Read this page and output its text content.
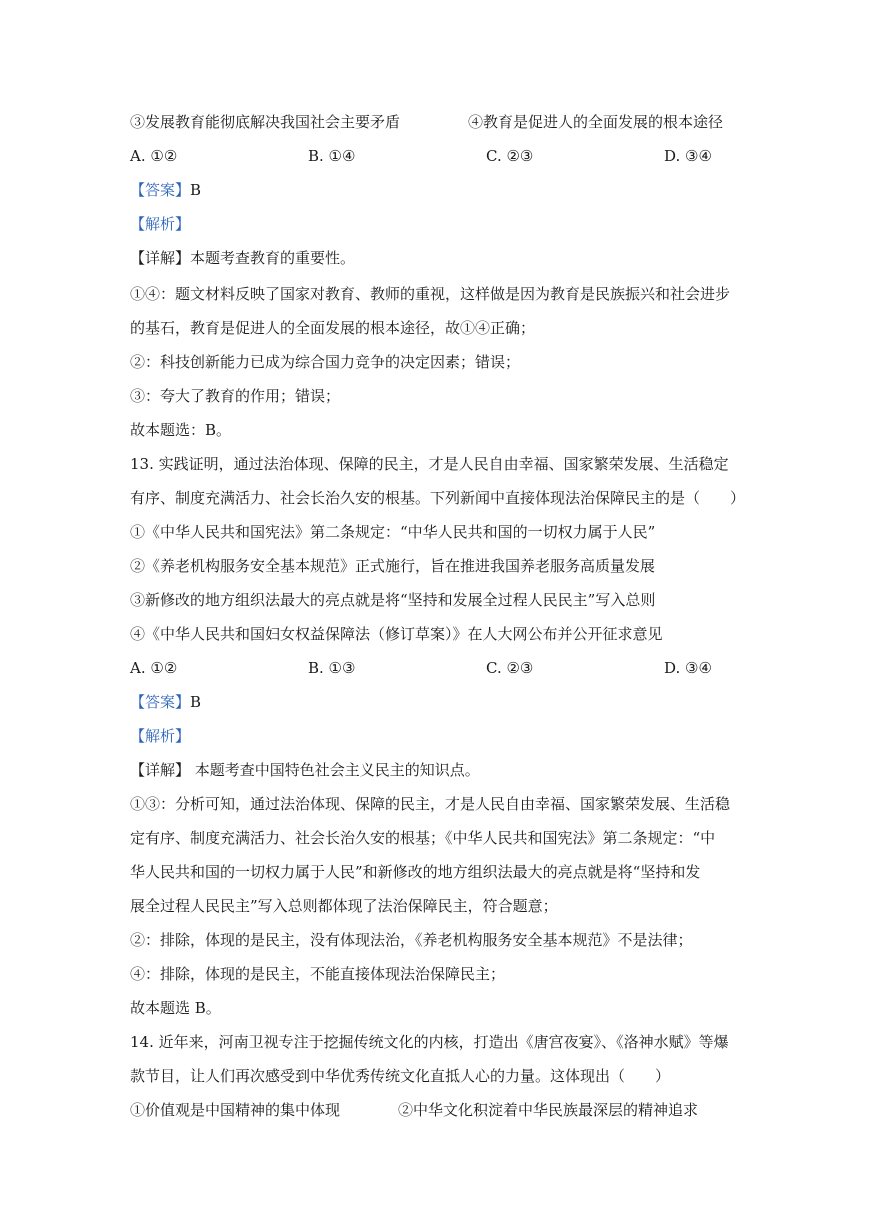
③发展教育能彻底解决我国社会主要矛盾	④教育是促进人的全面发展的根本途径
A. ①②	B. ①④	C. ②③	D. ③④
【答案】B
【解析】
【详解】本题考查教育的重要性。
①④：题文材料反映了国家对教育、教师的重视，这样做是因为教育是民族振兴和社会进步
的基石，教育是促进人的全面发展的根本途径，故①④正确；
②：科技创新能力已成为综合国力竞争的决定因素；错误；
③：夸大了教育的作用；错误；
故本题选：B。
13. 实践证明，通过法治体现、保障的民主，才是人民自由幸福、国家繁荣发展、生活稳定
有序、制度充满活力、社会长治久安的根基。下列新闻中直接体现法治保障民主的是（　　）
①《中华人民共和国宪法》第二条规定：“中华人民共和国的一切权力属于人民”
②《养老机构服务安全基本规范》正式施行，旨在推进我国养老服务高质量发展
③新修改的地方组织法最大的亮点就是将“坚持和发展全过程人民民主”写入总则
④《中华人民共和国妇女权益保障法（修订草案）》在人大网公布并公开征求意见
A. ①②	B. ①③	C. ②③	D. ③④
【答案】B
【解析】
【详解】 本题考查中国特色社会主义民主的知识点。
①③：分析可知，通过法治体现、保障的民主，才是人民自由幸福、国家繁荣发展、生活稳
定有序、制度充满活力、社会长治久安的根基；《中华人民共和国宪法》第二条规定：“中
华人民共和国的一切权力属于人民”和新修改的地方组织法最大的亮点就是将“坚持和发
展全过程人民民主”写入总则都体现了法治保障民主，符合题意；
②：排除，体现的是民主，没有体现法治，《养老机构服务安全基本规范》不是法律；
④：排除，体现的是民主，不能直接体现法治保障民主；
故本题选 B。
14. 近年来，河南卫视专注于挖掘传统文化的内核，打造出《唐宫夜宴》、《洛神水赋》等爆
款节目，让人们再次感受到中华优秀传统文化直抵人心的力量。这体现出（　　）
①价值观是中国精神的集中体现	②中华文化积淀着中华民族最深层的精神追求
